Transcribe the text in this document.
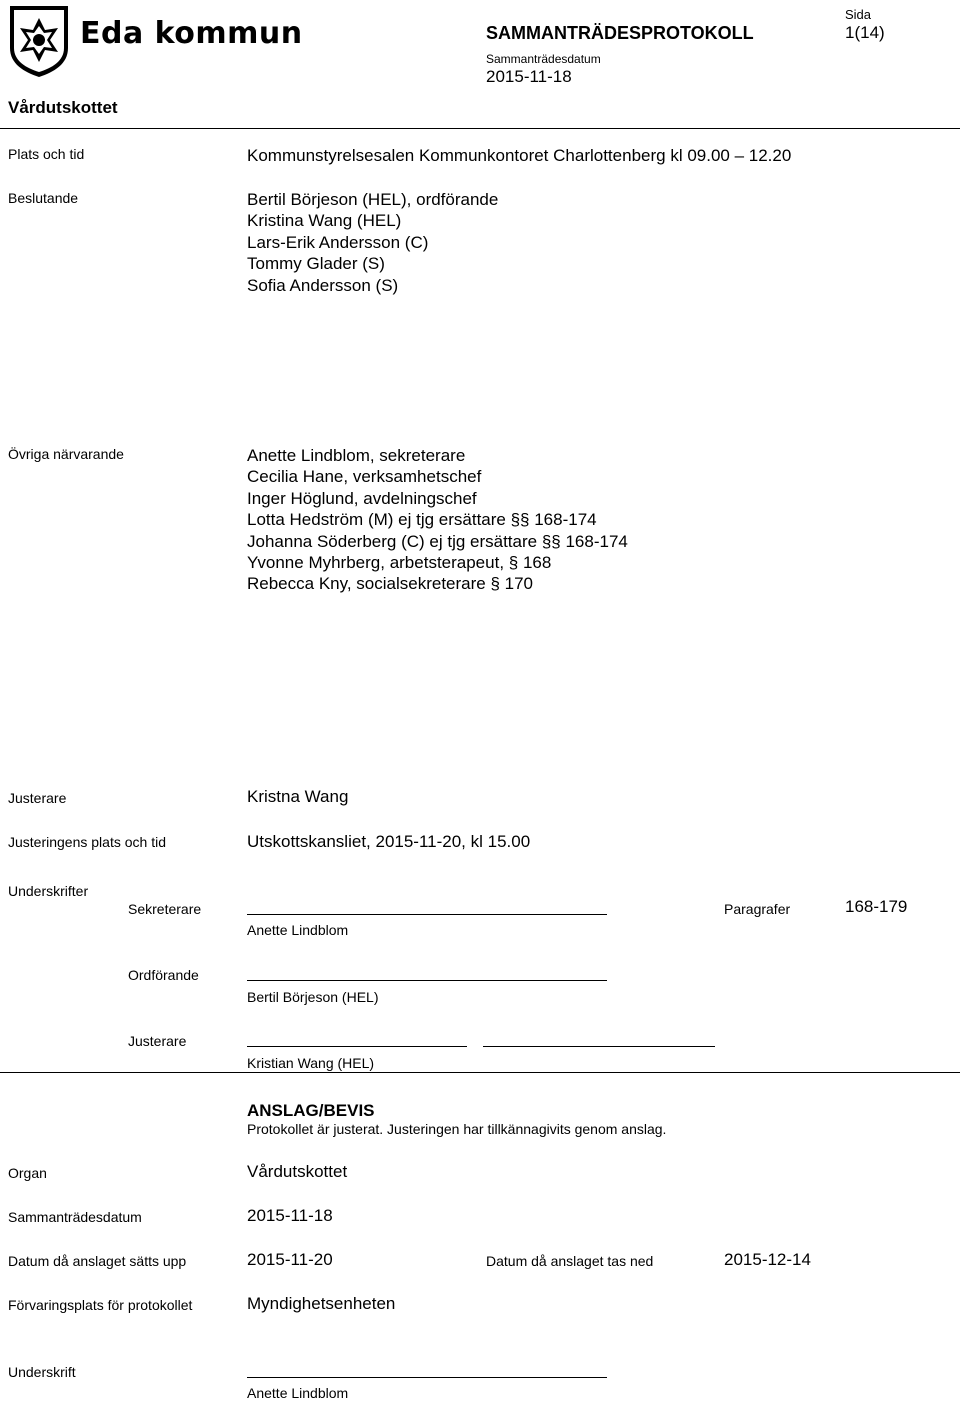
Eda kommun	SAMMANTRÄDESPROTOKOLL
Sammanträdesdatum
2015-11-18
Sida
1(14)
Vårdutskottet
Plats och tid	Kommunstyrelsesalen Kommunkontoret Charlottenberg kl 09.00 – 12.20
Beslutande	Bertil Börjeson (HEL), ordförande
Kristina Wang (HEL)
Lars-Erik Andersson (C)
Tommy Glader (S)
Sofia Andersson (S)
Övriga närvarande	Anette Lindblom, sekreterare
Cecilia Hane, verksamhetschef
Inger Höglund, avdelningschef
Lotta Hedström (M) ej tjg ersättare §§ 168-174
Johanna Söderberg (C) ej tjg ersättare §§ 168-174
Yvonne Myhrberg, arbetsterapeut, § 168
Rebecca Kny, socialsekreterare § 170
Justerare	Kristna Wang
Justeringens plats och tid	Utskottskansliet, 2015-11-20, kl 15.00
Underskrifter
Sekreterare
Anette Lindblom
Paragrafer	168-179
Ordförande
Bertil Börjeson (HEL)
Justerare
Kristian Wang (HEL)
ANSLAG/BEVIS
Protokollet är justerat. Justeringen har tillkännagivits genom anslag.
Organ	Vårdutskottet
Sammanträdesdatum	2015-11-18
Datum då anslaget sätts upp	2015-11-20	Datum då anslaget tas ned	2015-12-14
Förvaringsplats för protokollet	Myndighetsenheten
Underskrift
Anette Lindblom
